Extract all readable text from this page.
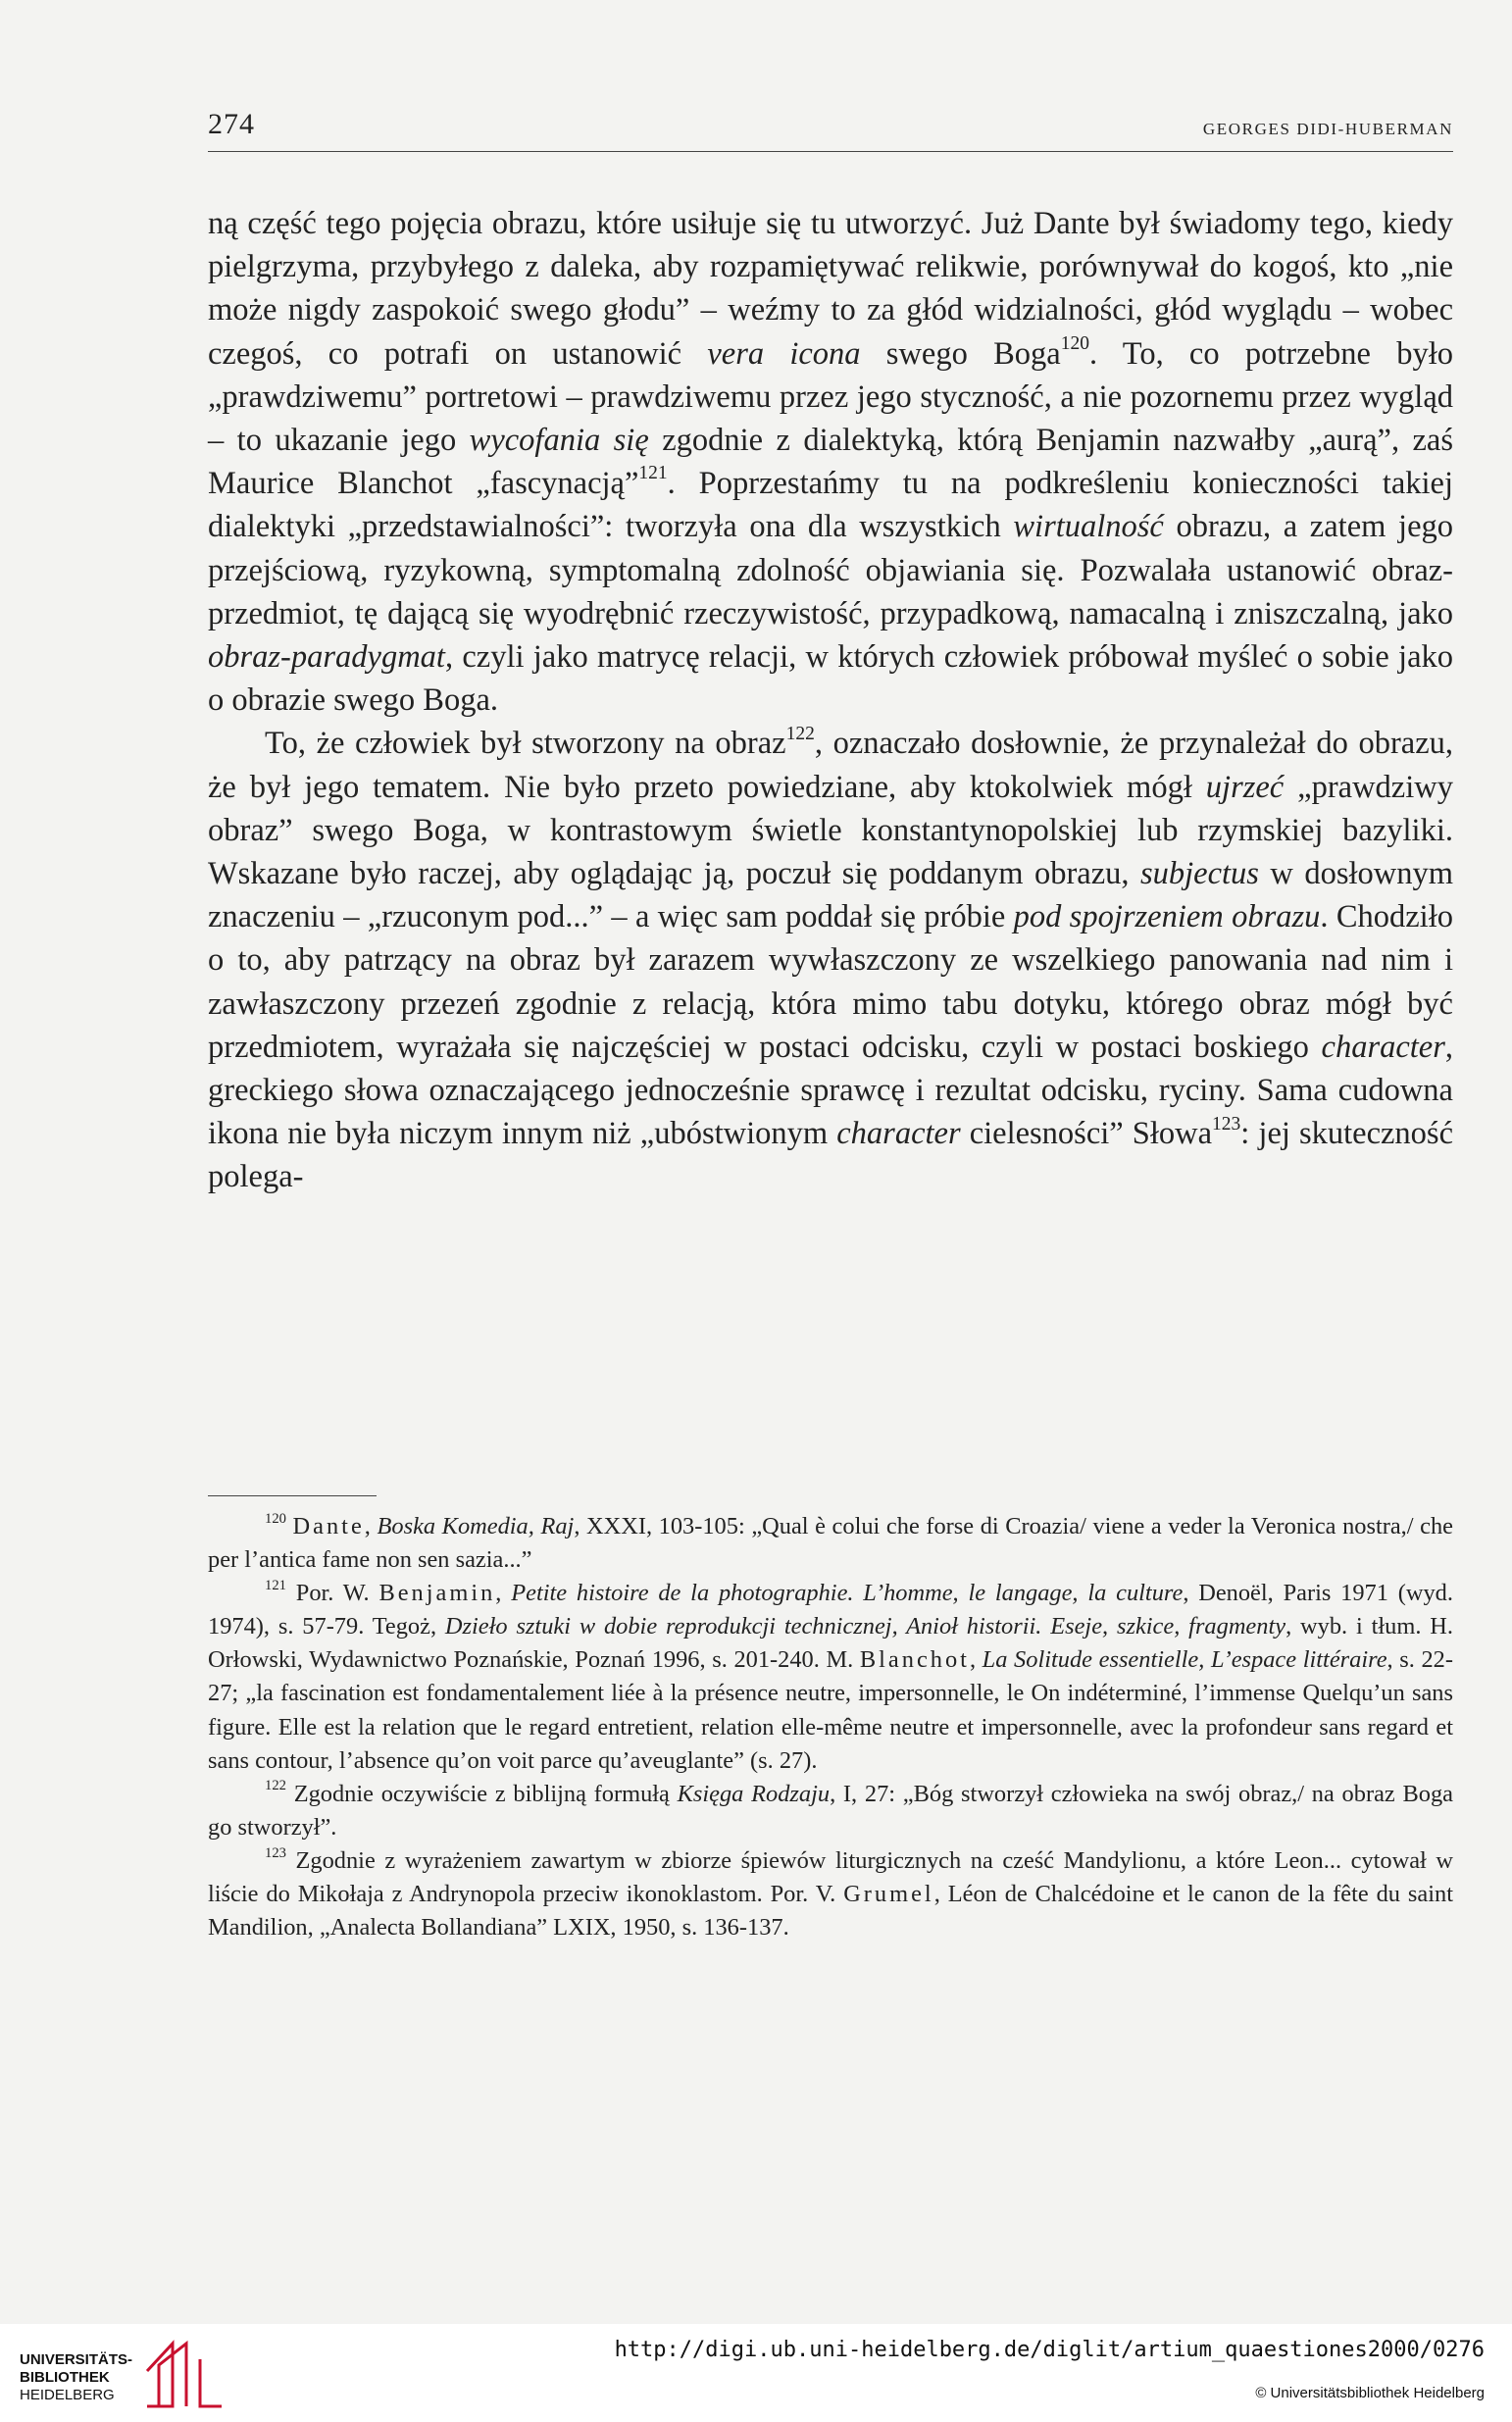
274	GEORGES DIDI-HUBERMAN

ną część tego pojęcia obrazu, które usiłuje się tu utworzyć. Już Dante był świadomy tego, kiedy pielgrzyma, przybyłego z daleka, aby rozpamiętywać relikwie, porównywał do kogoś, kto „nie może nigdy zaspokoić swego głodu” – weźmy to za głód widzialności, głód wyglądu – wobec czegoś, co potrafi on ustanowić vera icona swego Boga$^{120}$. To, co potrzebne było „prawdziwemu” portretowi – prawdziwemu przez jego styczność, a nie pozornemu przez wygląd – to ukazanie jego wycofania się zgodnie z dialektyką, którą Benjamin nazwałby „aurą”, zaś Maurice Blanchot „fascynacją”$^{121}$. Poprzestańmy tu na podkreśleniu konieczności takiej dialektyki „przedstawialności”: tworzyła ona dla wszystkich wirtualność obrazu, a zatem jego przejściową, ryzykowną, symptomalną zdolność objawiania się. Pozwalała ustanowić obraz-przedmiot, tę dającą się wyodrębnić rzeczywistość, przypadkową, namacalną i zniszczalną, jako obraz-paradygmat, czyli jako matrycę relacji, w których człowiek próbował myśleć o sobie jako o obrazie swego Boga.

To, że człowiek był stworzony na obraz$^{122}$, oznaczało dosłownie, że przynależał do obrazu, że był jego tematem. Nie było przeto powiedziane, aby ktokolwiek mógł ujrzeć „prawdziwy obraz” swego Boga, w kontrastowym świetle konstantynopolskiej lub rzymskiej bazyliki. Wskazane było raczej, aby oglądając ją, poczuł się poddanym obrazu, subjectus w dosłownym znaczeniu – „rzuconym pod...” – a więc sam poddał się próbie pod spojrzeniem obrazu. Chodziło o to, aby patrzący na obraz był zarazem wywłaszczony ze wszelkiego panowania nad nim i zawłaszczony przezeń zgodnie z relacją, która mimo tabu dotyku, którego obraz mógł być przedmiotem, wyrażała się najczęściej w postaci odcisku, czyli w postaci boskiego character, greckiego słowa oznaczającego jednocześnie sprawcę i rezultat odcisku, ryciny. Sama cudowna ikona nie była niczym innym niż „ubóstwionym character cielesności” Słowa$^{123}$: jej skuteczność polega-

$^{120}$ Dante, Boska Komedia, Raj, XXXI, 103-105: „Qual è colui che forse di Croazia/ viene a veder la Veronica nostra,/ che per l’antica fame non sen sazia...”

$^{121}$ Por. W. Benjamin, Petite histoire de la photographie. L’homme, le langage, la culture, Denoël, Paris 1971 (wyd. 1974), s. 57-79. Tegoż, Dzieło sztuki w dobie reprodukcji technicznej, Anioł historii. Eseje, szkice, fragmenty, wyb. i tłum. H. Orłowski, Wydawnictwo Poznańskie, Poznań 1996, s. 201-240. M. Blanchot, La Solitude essentielle, L’espace littéraire, s. 22-27; „la fascination est fondamentalement liée à la présence neutre, impersonnelle, le On indéterminé, l’immense Quelqu’un sans figure. Elle est la relation que le regard entretient, relation elle-même neutre et impersonnelle, avec la profondeur sans regard et sans contour, l’absence qu’on voit parce qu’aveuglante” (s. 27).

$^{122}$ Zgodnie oczywiście z biblijną formułą Księga Rodzaju, I, 27: „Bóg stworzył człowieka na swój obraz,/ na obraz Boga go stworzył”.

$^{123}$ Zgodnie z wyrażeniem zawartym w zbiorze śpiewów liturgicznych na cześć Mandylionu, a które Leon... cytował w liście do Mikołaja z Andrynopola przeciw ikonoklastom. Por. V. Grumel, Léon de Chalcédoine et le canon de la fête du saint Mandilion, „Analecta Bollandiana” LXIX, 1950, s. 136-137.

UNIVERSITÄTS-
BIBLIOTHEK
HEIDELBERG
http://digi.ub.uni-heidelberg.de/diglit/artium_quaestiones2000/0276
© Universitätsbibliothek Heidelberg
